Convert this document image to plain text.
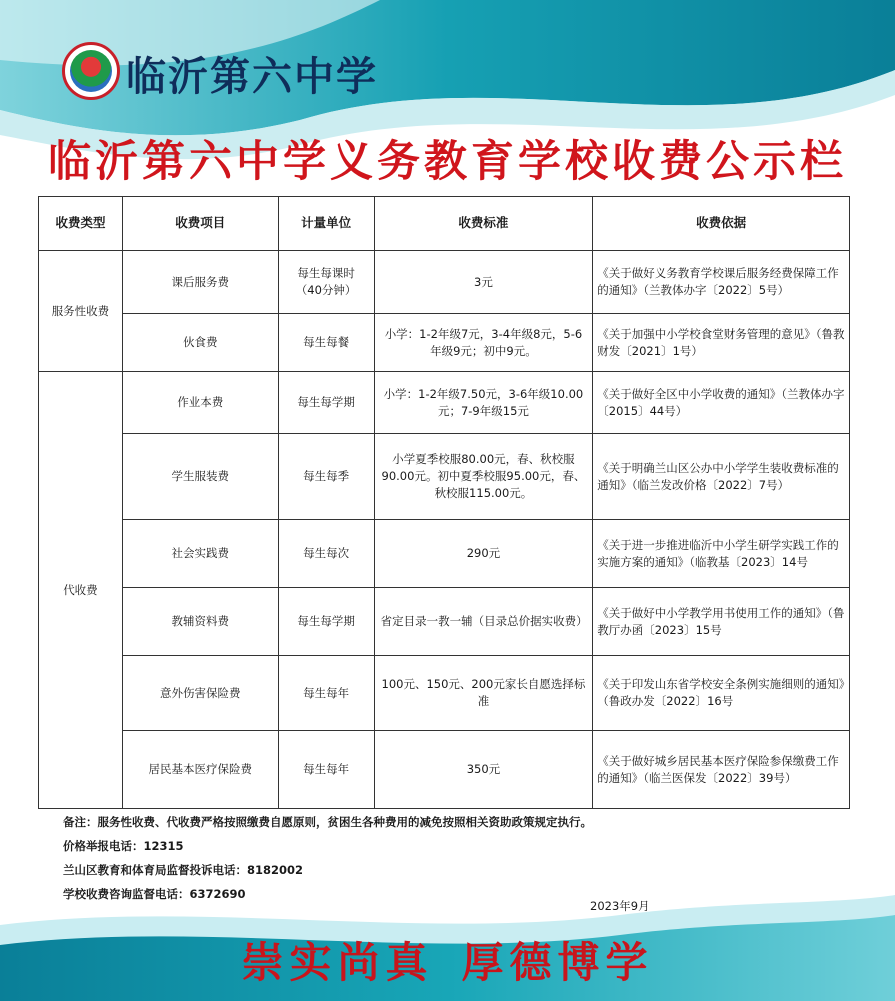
临沂第六中学
临沂第六中学义务教育学校收费公示栏
收费类型	收费项目	计量单位	收费标准	收费依据
服务性收费	课后服务费	每生每课时（40分钟）	3元	《关于做好义务教育学校课后服务经费保障工作的通知》（兰教体办字〔2022〕5号）
	伙食费	每生每餐	小学：1-2年级7元，3-4年级8元，5-6年级9元；初中9元。	《关于加强中小学校食堂财务管理的意见》（鲁教财发〔2021〕1号）
代收费	作业本费	每生每学期	小学：1-2年级7.50元，3-6年级10.00元；7-9年级15元	《关于做好全区中小学收费的通知》（兰教体办字〔2015〕44号）
	学生服装费	每生每季	小学夏季校服80.00元，春、秋校服90.00元。初中夏季校服95.00元，春、秋校服115.00元。	《关于明确兰山区公办中小学学生装收费标准的通知》（临兰发改价格〔2022〕7号）
	社会实践费	每生每次	290元	《关于进一步推进临沂中小学生研学实践工作的实施方案的通知》（临教基〔2023〕14号
	教辅资料费	每生每学期	省定目录一教一辅（目录总价据实收费）	《关于做好中小学教学用书使用工作的通知》（鲁教厅办函〔2023〕15号
	意外伤害保险费	每生每年	100元、150元、200元家长自愿选择标准	《关于印发山东省学校安全条例实施细则的通知》（鲁政办发〔2022〕16号
	居民基本医疗保险费	每生每年	350元	《关于做好城乡居民基本医疗保险参保缴费工作的通知》（临兰医保发〔2022〕39号）
备注：服务性收费、代收费严格按照缴费自愿原则，贫困生各种费用的减免按照相关资助政策规定执行。
价格举报电话：12315
兰山区教育和体育局监督投诉电话：8182002
学校收费咨询监督电话：6372690
2023年9月
崇实尚真 厚德博学
